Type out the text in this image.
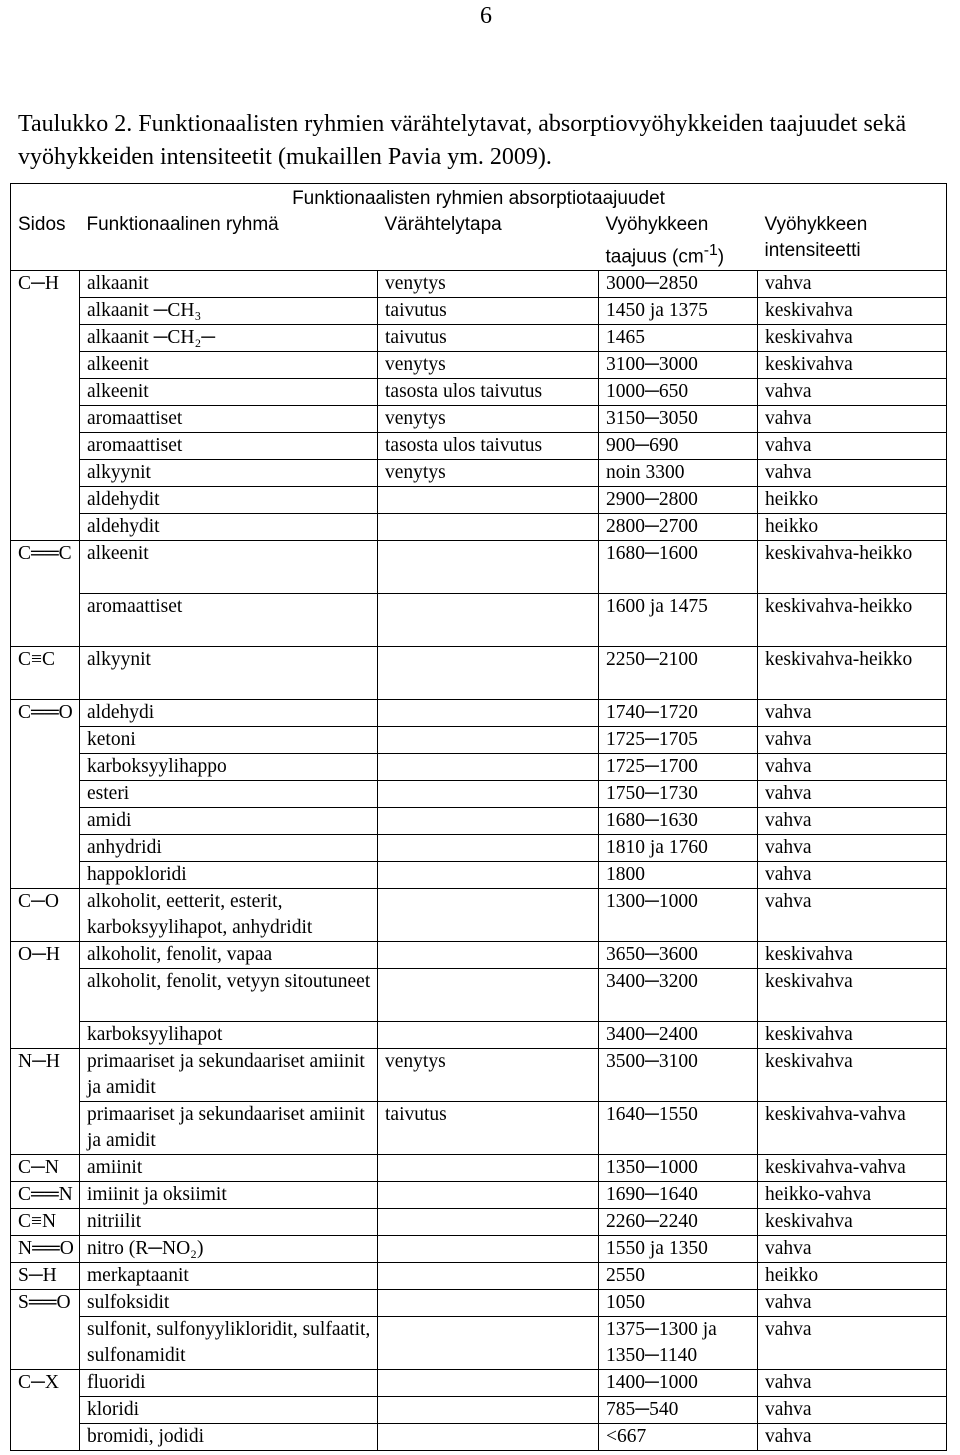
6
Taulukko 2. Funktionaalisten ryhmien värähtelytavat, absorptiovyöhykkeiden taajuudet sekä vyöhykkeiden intensiteetit (mukaillen Pavia ym. 2009).
Funktionaalisten ryhmien absorptiotaajuudet				
Sidos	Funktionaalinen ryhmä	Värähtelytapa	Vyöhykkeen taajuus $(cm^{-1})$	Vyöhykkeen intensiteetti
C─H	alkaanit	venytys	3000─2850	vahva
	alkaanit ─CH₃	taivutus	1450 ja 1375	keskivahva
	alkaanit ─CH₂─	taivutus	1465	keskivahva
	alkeenit	venytys	3100─3000	keskivahva
	alkeenit	tasosta ulos taivutus	1000─650	vahva
	aromaattiset	venytys	3150─3050	vahva
	aromaattiset	tasosta ulos taivutus	900─690	vahva
	alkyynit	venytys	noin 3300	vahva
	aldehydit		2900─2800	heikko
	aldehydit		2800─2700	heikko
C══C	alkeenit		1680─1600	keskivahva-heikko
	aromaattiset		1600 ja 1475	keskivahva-heikko
C≡C	alkyynit		2250─2100	keskivahva-heikko
C══O	aldehydi		1740─1720	vahva
	ketoni		1725─1705	vahva
	karboksyylihappo		1725─1700	vahva
	esteri		1750─1730	vahva
	amidi		1680─1630	vahva
	anhydridi		1810 ja 1760	vahva
	happokloridi		1800	vahva
C─O	alkoholit, eetterit, esterit, karboksyylihapot, anhydridit		1300─1000	vahva
O─H	alkoholit, fenolit, vapaa		3650─3600	keskivahva
	alkoholit, fenolit, vetyyn sitoutuneet		3400─3200	keskivahva
	karboksyylihapot		3400─2400	keskivahva
N─H	primaariset ja sekundaariset amiinit ja amidit	venytys	3500─3100	keskivahva
	primaariset ja sekundaariset amiinit ja amidit	taivutus	1640─1550	keskivahva-vahva
C─N	amiinit		1350─1000	keskivahva-vahva
C══N	imiinit ja oksiimit		1690─1640	heikko-vahva
C≡N	nitriilit		2260─2240	keskivahva
N══O	nitro (R─NO₂)		1550 ja 1350	vahva
S─H	merkaptaanit		2550	heikko
S══O	sulfoksidit		1050	vahva
	sulfonit, sulfonyylikloridit, sulfaatit, sulfonamidit		1375─1300 ja 1350─1140	vahva
C─X	fluoridi		1400─1000	vahva
	kloridi		785─540	vahva
	bromidi, jodidi		<667	vahva
